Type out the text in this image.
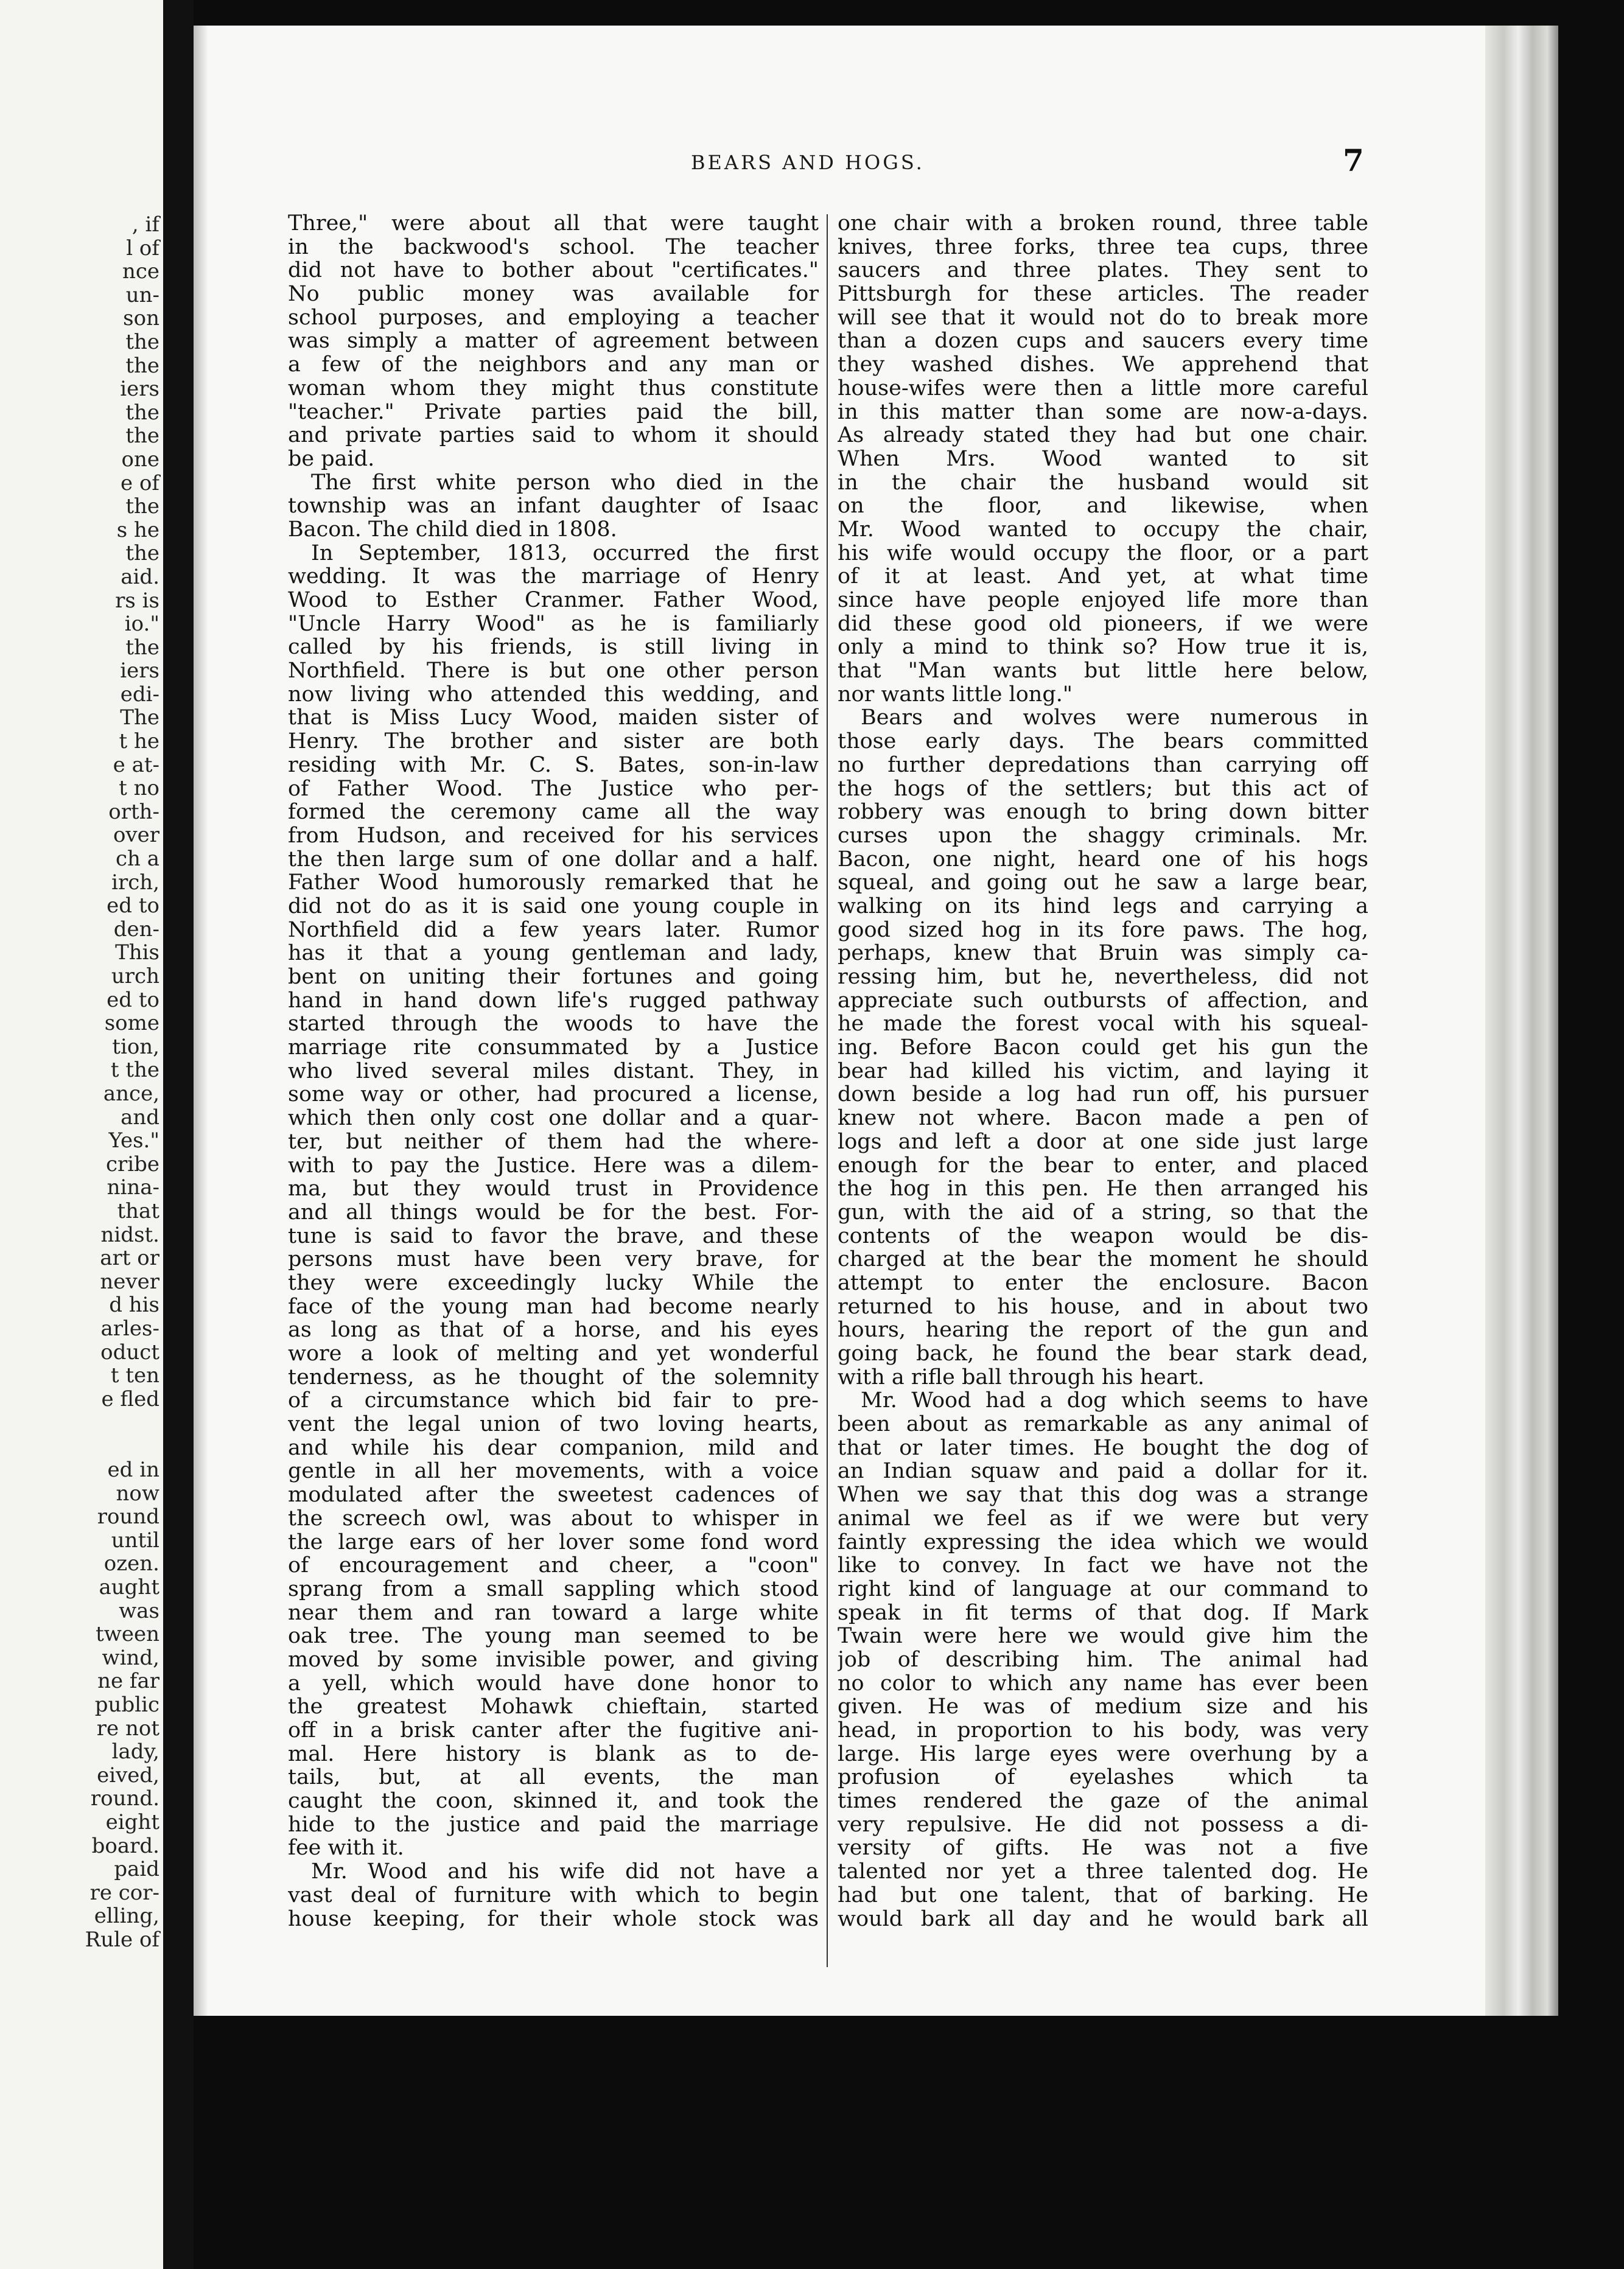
, if
l of
nce
un-
son
the
the
iers
the
the
one
e of
the
s he
the
aid.
rs is
io."
the
iers
edi-
The
t he
e at-
t no
orth-
over
ch a
irch,
ed to
den-
This
urch
ed to
some
tion,
t the
ance,
and
Yes."
cribe
nina-
that
nidst.
art or
never
d his
arles-
oduct
t ten
e fled
ed in
now
round
until
ozen.
aught
was
tween
wind,
ne far
public
re not
lady,
eived,
round.
eight
board.
paid
re cor-
elling,
Rule of
BEARS AND HOGS.	7
Three," were about all that were taught
in the backwood's school. The teacher
did not have to bother about "certificates."
No public money was available for
school purposes, and employing a teacher
was simply a matter of agreement between
a few of the neighbors and any man or
woman whom they might thus constitute
"teacher." Private parties paid the bill,
and private parties said to whom it should
be paid.
The first white person who died in the
township was an infant daughter of Isaac
Bacon. The child died in 1808.
In September, 1813, occurred the first
wedding. It was the marriage of Henry
Wood to Esther Cranmer. Father Wood,
"Uncle Harry Wood" as he is familiarly
called by his friends, is still living in
Northfield. There is but one other person
now living who attended this wedding, and
that is Miss Lucy Wood, maiden sister of
Henry. The brother and sister are both
residing with Mr. C. S. Bates, son-in-law
of Father Wood. The Justice who per-
formed the ceremony came all the way
from Hudson, and received for his services
the then large sum of one dollar and a half.
Father Wood humorously remarked that he
did not do as it is said one young couple in
Northfield did a few years later. Rumor
has it that a young gentleman and lady,
bent on uniting their fortunes and going
hand in hand down life's rugged pathway
started through the woods to have the
marriage rite consummated by a Justice
who lived several miles distant. They, in
some way or other, had procured a license,
which then only cost one dollar and a quar-
ter, but neither of them had the where-
with to pay the Justice. Here was a dilem-
ma, but they would trust in Providence
and all things would be for the best. For-
tune is said to favor the brave, and these
persons must have been very brave, for
they were exceedingly lucky While the
face of the young man had become nearly
as long as that of a horse, and his eyes
wore a look of melting and yet wonderful
tenderness, as he thought of the solemnity
of a circumstance which bid fair to pre-
vent the legal union of two loving hearts,
and while his dear companion, mild and
gentle in all her movements, with a voice
modulated after the sweetest cadences of
the screech owl, was about to whisper in
the large ears of her lover some fond word
of encouragement and cheer, a "coon"
sprang from a small sappling which stood
near them and ran toward a large white
oak tree. The young man seemed to be
moved by some invisible power, and giving
a yell, which would have done honor to
the greatest Mohawk chieftain, started
off in a brisk canter after the fugitive ani-
mal. Here history is blank as to de-
tails, but, at all events, the man
caught the coon, skinned it, and took the
hide to the justice and paid the marriage
fee with it.
Mr. Wood and his wife did not have a
vast deal of furniture with which to begin
house keeping, for their whole stock was
one chair with a broken round, three table
knives, three forks, three tea cups, three
saucers and three plates. They sent to
Pittsburgh for these articles. The reader
will see that it would not do to break more
than a dozen cups and saucers every time
they washed dishes. We apprehend that
house-wifes were then a little more careful
in this matter than some are now-a-days.
As already stated they had but one chair.
When Mrs. Wood wanted to sit
in the chair the husband would sit
on the floor, and likewise, when
Mr. Wood wanted to occupy the chair,
his wife would occupy the floor, or a part
of it at least. And yet, at what time
since have people enjoyed life more than
did these good old pioneers, if we were
only a mind to think so? How true it is,
that "Man wants but little here below,
nor wants little long."
Bears and wolves were numerous in
those early days. The bears committed
no further depredations than carrying off
the hogs of the settlers; but this act of
robbery was enough to bring down bitter
curses upon the shaggy criminals. Mr.
Bacon, one night, heard one of his hogs
squeal, and going out he saw a large bear,
walking on its hind legs and carrying a
good sized hog in its fore paws. The hog,
perhaps, knew that Bruin was simply ca-
ressing him, but he, nevertheless, did not
appreciate such outbursts of affection, and
he made the forest vocal with his squeal-
ing. Before Bacon could get his gun the
bear had killed his victim, and laying it
down beside a log had run off, his pursuer
knew not where. Bacon made a pen of
logs and left a door at one side just large
enough for the bear to enter, and placed
the hog in this pen. He then arranged his
gun, with the aid of a string, so that the
contents of the weapon would be dis-
charged at the bear the moment he should
attempt to enter the enclosure. Bacon
returned to his house, and in about two
hours, hearing the report of the gun and
going back, he found the bear stark dead,
with a rifle ball through his heart.
Mr. Wood had a dog which seems to have
been about as remarkable as any animal of
that or later times. He bought the dog of
an Indian squaw and paid a dollar for it.
When we say that this dog was a strange
animal we feel as if we were but very
faintly expressing the idea which we would
like to convey. In fact we have not the
right kind of language at our command to
speak in fit terms of that dog. If Mark
Twain were here we would give him the
job of describing him. The animal had
no color to which any name has ever been
given. He was of medium size and his
head, in proportion to his body, was very
large. His large eyes were overhung by a
profusion of eyelashes which ta
times rendered the gaze of the animal
very repulsive. He did not possess a di-
versity of gifts. He was not a five
talented nor yet a three talented dog. He
had but one talent, that of barking. He
would bark all day and he would bark all
